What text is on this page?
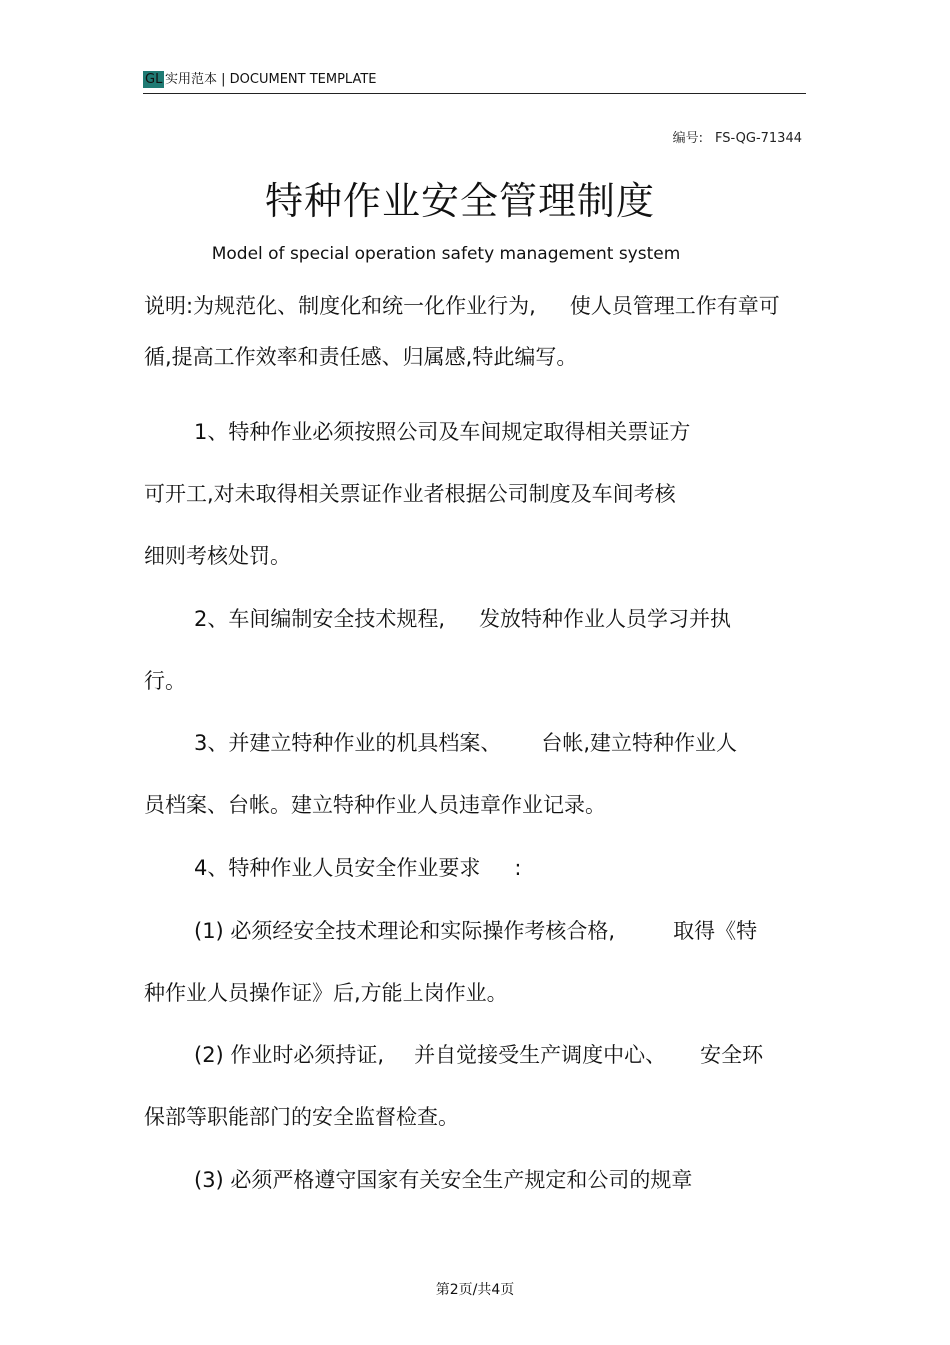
GL 实用范本 | DOCUMENT TEMPLATE
编号: FS-QG-71344
特种作业安全管理制度
Model of special operation safety management system
说明:为规范化、制度化和统一化作业行为, 使人员管理工作有章可
循,提高工作效率和责任感、归属感,特此编写。
1、特种作业必须按照公司及车间规定取得相关票证方
可开工,对未取得相关票证作业者根据公司制度及车间考核
细则考核处罚。
2、车间编制安全技术规程, 发放特种作业人员学习并执
行。
3、并建立特种作业的机具档案、 台帐,建立特种作业人
员档案、台帐。建立特种作业人员违章作业记录。
4、特种作业人员安全作业要求 :
(1) 必须经安全技术理论和实际操作考核合格,	取得《特
种作业人员操作证》后,方能上岗作业。
(2) 作业时必须持证, 并自觉接受生产调度中心、 安全环
保部等职能部门的安全监督检查。
(3) 必须严格遵守国家有关安全生产规定和公司的规章
第2页/共4页
